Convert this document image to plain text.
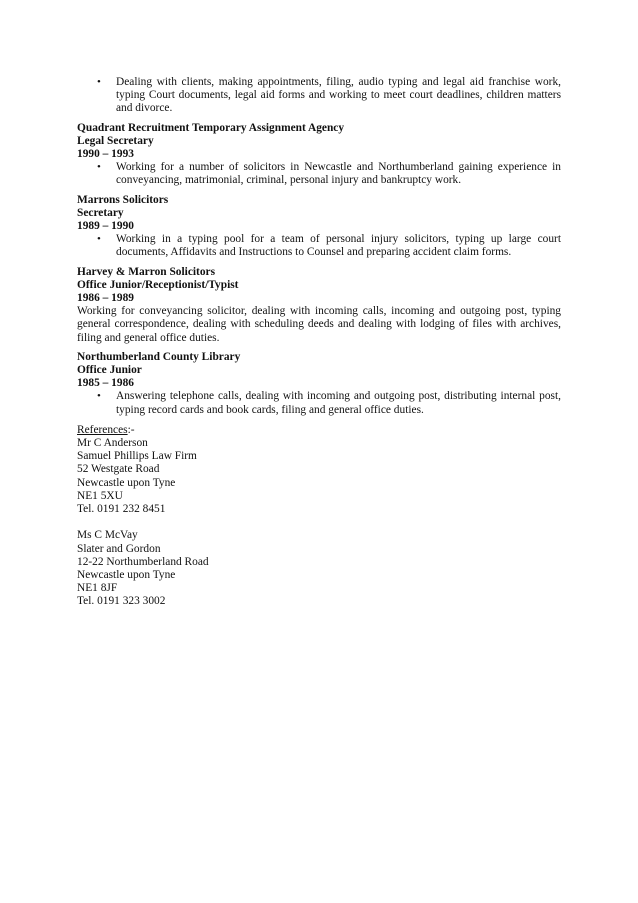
• Dealing with clients, making appointments, filing, audio typing and legal aid franchise work, typing Court documents, legal aid forms and working to meet court deadlines, children matters and divorce.
Quadrant Recruitment Temporary Assignment Agency
Legal Secretary
1990 – 1993
• Working for a number of solicitors in Newcastle and Northumberland gaining experience in conveyancing, matrimonial, criminal, personal injury and bankruptcy work.
Marrons Solicitors
Secretary
1989 – 1990
• Working in a typing pool for a team of personal injury solicitors, typing up large court documents, Affidavits and Instructions to Counsel and preparing accident claim forms.
Harvey & Marron Solicitors
Office Junior/Receptionist/Typist
1986 – 1989
Working for conveyancing solicitor, dealing with incoming calls, incoming and outgoing post, typing general correspondence, dealing with scheduling deeds and dealing with lodging of files with archives, filing and general office duties.
Northumberland County Library
Office Junior
1985 – 1986
• Answering telephone calls, dealing with incoming and outgoing post, distributing internal post, typing record cards and book cards, filing and general office duties.
References:-
Mr C Anderson
Samuel Phillips Law Firm
52 Westgate Road
Newcastle upon Tyne
NE1 5XU
Tel. 0191 232 8451
Ms C McVay
Slater and Gordon
12-22 Northumberland Road
Newcastle upon Tyne
NE1 8JF
Tel. 0191 323 3002
